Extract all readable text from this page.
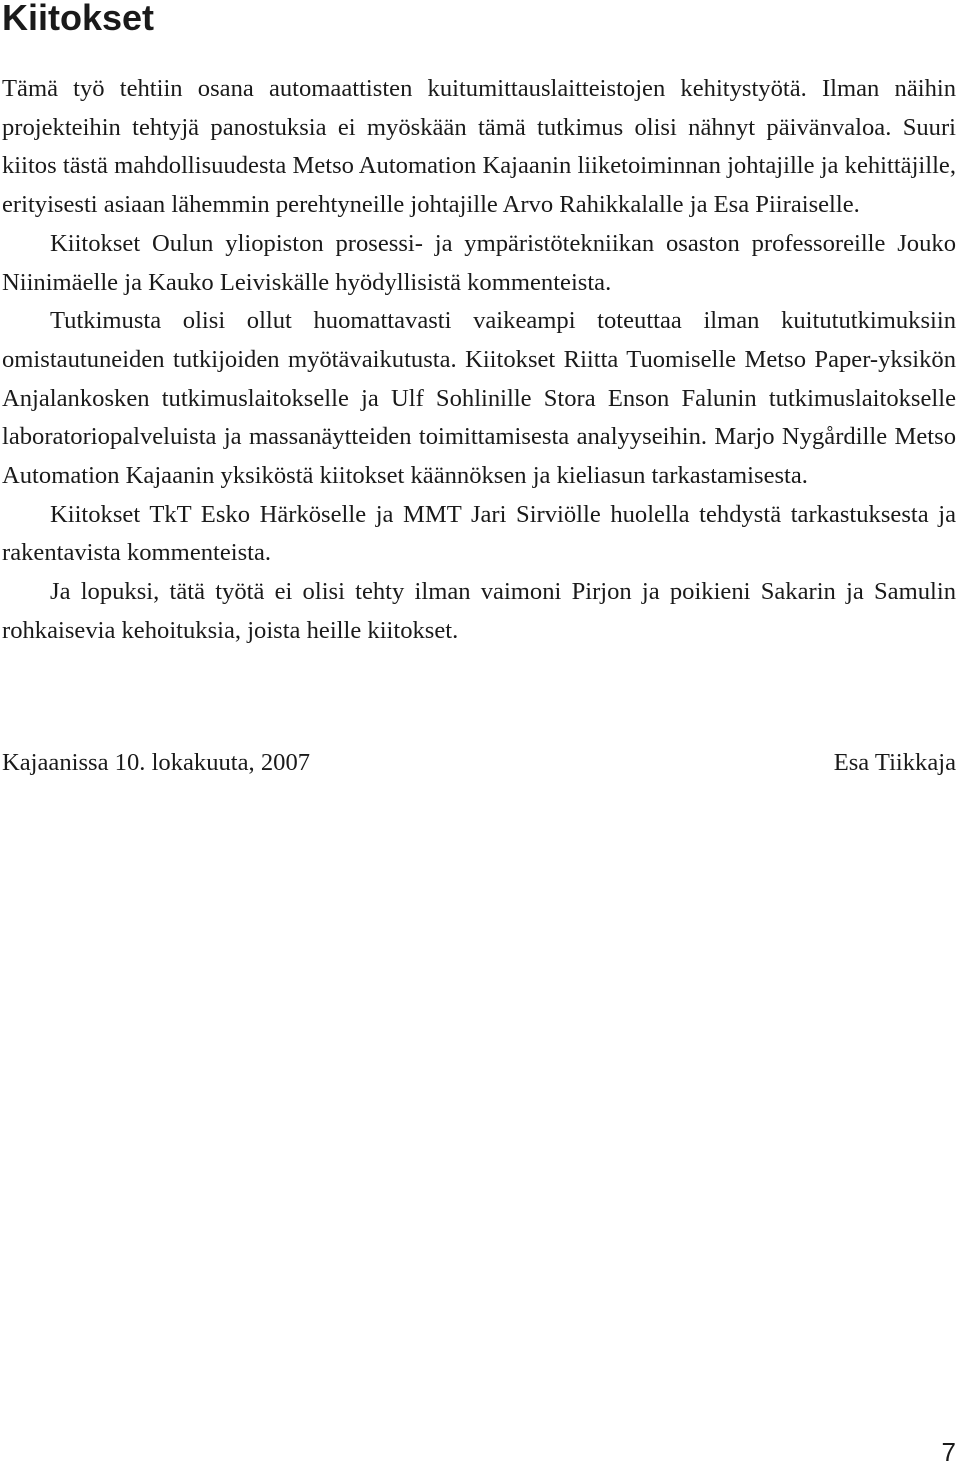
Kiitokset

Tämä työ tehtiin osana automaattisten kuitumittauslaitteistojen kehitystyötä. Ilman näihin projekteihin tehtyjä panostuksia ei myöskään tämä tutkimus olisi nähnyt päivänvaloa. Suuri kiitos tästä mahdollisuudesta Metso Automation Kajaanin liiketoiminnan johtajille ja kehittäjille, erityisesti asiaan lähemmin perehtyneille johtajille Arvo Rahikkalalle ja Esa Piiraiselle.

Kiitokset Oulun yliopiston prosessi- ja ympäristötekniikan osaston professoreille Jouko Niinimäelle ja Kauko Leiviskälle hyödyllisistä kommenteista.

Tutkimusta olisi ollut huomattavasti vaikeampi toteuttaa ilman kuitututkimuksiin omistautuneiden tutkijoiden myötävaikutusta. Kiitokset Riitta Tuomiselle Metso Paper-yksikön Anjalankosken tutkimuslaitokselle ja Ulf Sohlinille Stora Enson Falunin tutkimuslaitokselle laboratoriopalveluista ja massanäytteiden toimittamisesta analyyseihin. Marjo Nygårdille Metso Automation Kajaanin yksiköstä kiitokset käännöksen ja kieliasun tarkastamisesta.

Kiitokset TkT Esko Härköselle ja MMT Jari Sirviölle huolella tehdystä tarkastuksesta ja rakentavista kommenteista.

Ja lopuksi, tätä työtä ei olisi tehty ilman vaimoni Pirjon ja poikieni Sakarin ja Samulin rohkaisevia kehoituksia, joista heille kiitokset.

Kajaanissa 10. lokakuuta, 2007	Esa Tiikkaja
7
